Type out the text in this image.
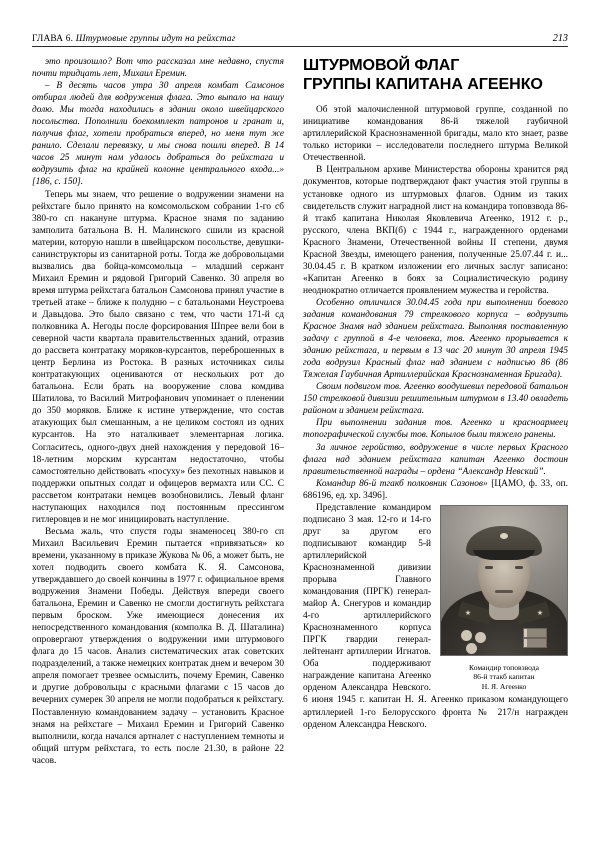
ГЛАВА 6. Штурмовые группы идут на рейхстаг	213

это произошло? Вот что рассказал мне недавно, спустя почти тридцать лет, Михаил Еремин.

– В десять часов утра 30 апреля комбат Самсонов отбирал людей для водружения флага. Это выпало на нашу долю. Мы тогда находились в здании около швейцарского посольства. Пополнили боекомплект патронов и гранат и, получив флаг, хотели пробраться вперед, но меня тут же ранило. Сделали перевязку, и мы снова пошли вперед. В 14 часов 25 минут нам удалось добраться до рейхстага и водрузить флаг на крайней колонне центрального входа...» [186, с. 150].

Теперь мы знаем, что решение о водружении знамени на рейхстаге было принято на комсомольском собрании 1-го сб 380-го сп накануне штурма. Красное знамя по заданию замполита батальона В. Н. Малинского сшили из красной материи, которую нашли в швейцарском посольстве, девушки-санинструкторы из санитарной роты. Тогда же добровольцами вызвались два бойца-комсомольца – младший сержант Михаил Еремин и рядовой Григорий Савенко. 30 апреля во время штурма рейхстага батальон Самсонова принял участие в третьей атаке – ближе к полудню – с батальонами Неустроева и Давыдова. Это было связано с тем, что части 171-й сд полковника А. Негоды после форсирования Шпрее вели бои в северной части квартала правительственных зданий, отразив до рассвета контратаку моряков-курсантов, переброшенных в центр Берлина из Ростока. В разных источниках силы контратакующих оцениваются от нескольких рот до батальона. Если брать на вооружение слова комдива Шатилова, то Василий Митрофанович упоминает о пленении до 350 моряков. Ближе к истине утверждение, что состав атакующих был смешанным, а не целиком состоял из одних курсантов. На это наталкивает элементарная логика. Согласитесь, одного-двух дней нахождения у передовой 16–18-летним морским курсантам недостаточно, чтобы самостоятельно действовать «посуху» без пехотных навыков и поддержки опытных солдат и офицеров вермахта или СС. С рассветом контратаки немцев возобновились. Левый фланг наступающих находился под постоянным прессингом гитлеровцев и не мог инициировать наступление.

Весьма жаль, что спустя годы знаменосец 380-го сп Михаил Васильевич Еремин пытается «привязаться» ко времени, указанному в приказе Жукова № 06, а может быть, не хотел подводить своего комбата К. Я. Самсонова, утверждавшего до своей кончины в 1977 г. официальное время водружения Знамени Победы. Действуя впереди своего батальона, Еремин и Савенко не смогли достигнуть рейхстага первым броском. Уже имеющиеся донесения их непосредственного командования (комполка В. Д. Шаталина) опровергают утверждения о водружении ими штурмового флага до 15 часов. Анализ систематических атак советских подразделений, а также немецких контратак днем и вечером 30 апреля помогает трезвее осмыслить, почему Еремин, Савенко и другие добровольцы с красными флагами с 15 часов до вечерних сумерек 30 апреля не могли подобраться к рейхстагу. Поставленную командованием задачу – установить Красное знамя на рейхстаге – Михаил Еремин и Григорий Савенко выполнили, когда начался артналет с наступлением темноты и общий штурм рейхстага, то есть после 21.30, в районе 22 часов.

ШТУРМОВОЙ ФЛАГ
ГРУППЫ КАПИТАНА АГЕЕНКО

Об этой малочисленной штурмовой группе, созданной по инициативе командования 86-й тяжелой гаубичной артиллерийской Краснознаменной бригады, мало кто знает, разве только историки – исследователи последнего штурма Великой Отечественной.

В Центральном архиве Министерства обороны хранится ряд документов, которые подтверждают факт участия этой группы в установке одного из штурмовых флагов. Одним из таких свидетельств служит наградной лист на командира топовзвода 86-й тгакб капитана Николая Яковлевича Агеенко, 1912 г. р., русского, члена ВКП(б) с 1944 г., награжденного орденами Красного Знамени, Отечественной войны II степени, двумя Красной Звезды, имеющего ранения, полученные 25.07.44 г. и... 30.04.45 г. В кратком изложении его личных заслуг записано: «Капитан Агеенко в боях за Социалистическую родину неоднократно отличается проявлением мужества и геройства.

Особенно отличился 30.04.45 года при выполнении боевого задания командования 79 стрелкового корпуса – водрузить Красное Знамя над зданием рейхстага. Выполняя поставленную задачу с группой в 4-е человека, тов. Агеенко прорывается к зданию рейхстага, и первым в 13 час 20 минут 30 апреля 1945 года водрузил Красный флаг над зданием с надписью 86 (86 Тяжелая Гаубичная Артиллерийская Краснознаменная Бригада).

Своим подвигом тов. Агеенко воодушевил передовой батальон 150 стрелковой дивизии решительным штурмом в 13.40 овладеть районом и зданием рейхстага.

При выполнении задания тов. Агеенко и красноармеец топографической службы тов. Копылов были тяжело ранены.

За личное геройство, водружение в числе первых Красного флага над зданием рейхстага капитан Агеенко достоин правительственной награды – ордена “Александр Невский”.

Командир 86-й тгакб полковник Сазонов» [ЦАМО, ф. 33, оп. 686196, ед. хр. 3496].

Командир топовзвода
86-й ттакб капитан
Н. Я. Агеенко

Представление командиром подписано 3 мая. 12-го и 14-го друг за другом его подписывают командир 5-й артиллерийской Краснознаменной дивизии прорыва Главного командования (ПРГК) генерал-майор А. Снегуров и командир 4-го артиллерийского Краснознаменного корпуса ПРГК гвардии генерал-лейтенант артиллерии Игнатов. Оба поддерживают награждение капитана Агеенко орденом Александра Невского. 6 июня 1945 г. капитан Н. Я. Агеенко приказом командующего артиллерией 1-го Белорусского фронта № 217/н награжден орденом Александра Невского.
